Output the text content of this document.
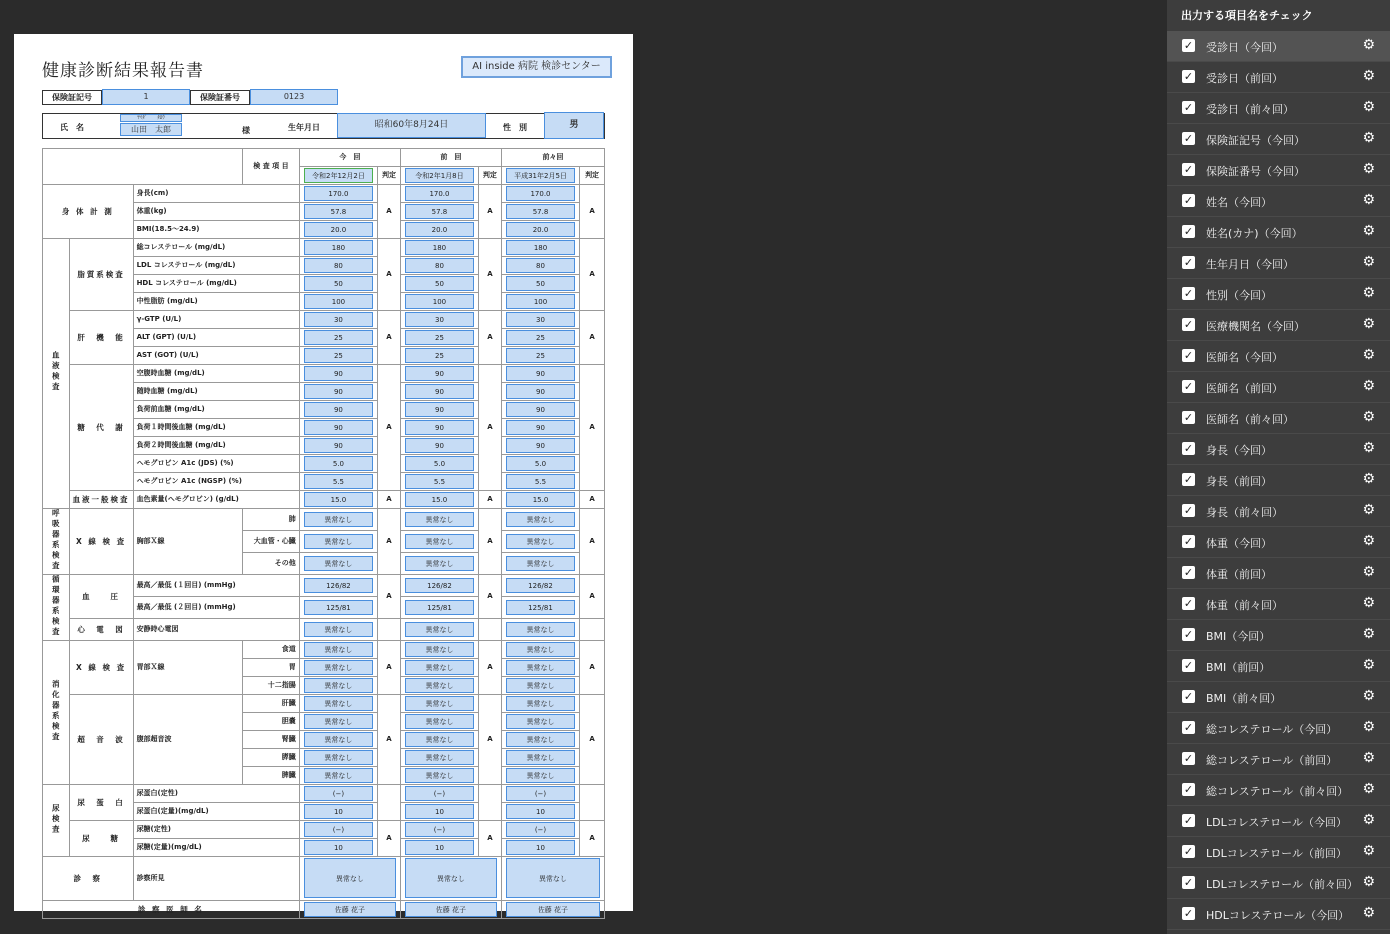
健康診断結果報告書	AI inside 病院 検診センター
保険証記号	1	保険証番号	0123
氏　名
ﾔﾏﾀﾞ　　ﾀﾛｳ
山田　太郎	様	生年月日	昭和60年8月24日	性　別	男
			検 査 項 目	今　回		前　回		前々回	

				令和2年12月2日	判定	令和2年1月8日	判定	平成31年2月5日	判定
身 体 計 測		身長(cm)		170.0	A	170.0	A	170.0	A
		体重(kg)		57.8		57.8		57.8	

		BMI(18.5〜24.9)		20.0		20.0		20.0	

血液検査	脂質系検査	総コレステロール (mg/dL)		180	A	180	A	180	A
		LDL コレステロール (mg/dL)		80		80		80	

		HDL コレステロール (mg/dL)		50		50		50	

		中性脂肪 (mg/dL)		100		100		100	

	肝　機　能	γ-GTP (U/L)		30	A	30	A	30	A
		ALT (GPT) (U/L)		25		25		25	

		AST (GOT) (U/L)		25		25		25	

	糖　代　謝	空腹時血糖 (mg/dL)		90	A	90	A	90	A
		随時血糖 (mg/dL)		90		90		90	

		負荷前血糖 (mg/dL)		90		90		90	

		負荷１時間後血糖 (mg/dL)		90		90		90	

		負荷２時間後血糖 (mg/dL)		90		90		90	

		ヘモグロビン A1c (JDS) (%)		5.0		5.0		5.0	

		ヘモグロビン A1c (NGSP) (%)		5.5		5.5		5.5	

	血液一般検査	血色素量(ヘモグロビン) (g/dL)		15.0	A	15.0	A	15.0	A
呼吸器系検査	X 線 検 査	胸部Ｘ線	肺	異常なし	A	異常なし	A	異常なし	A
			大血管・心臓	異常なし		異常なし		異常なし	

			その他	異常なし		異常なし		異常なし	

循環器系検査	血　　圧	最高／最低 (１回目) (mmHg)		126/82	A	126/82	A	126/82	A
		最高／最低 (２回目) (mmHg)		125/81		125/81		125/81	

	心　電　図	安静時心電図		異常なし		異常なし		異常なし	

消化器系検査	X 線 検 査	胃部Ｘ線	食道	異常なし	A	異常なし	A	異常なし	A
			胃	異常なし		異常なし		異常なし	

			十二指腸	異常なし		異常なし		異常なし	

	超　音　波	腹部超音波	肝臓	異常なし	A	異常なし	A	異常なし	A
			胆嚢	異常なし		異常なし		異常なし	

			腎臓	異常なし		異常なし		異常なし	

			膵臓	異常なし		異常なし		異常なし	

			脾臓	異常なし		異常なし		異常なし	

尿検査	尿　蛋　白	尿蛋白(定性)		(−)		(−)		(−)	

		尿蛋白(定量)(mg/dL)		10		10		10	

	尿　　糖	尿糖(定性)		(−)	A	(−)	A	(−)	A
		尿糖(定量)(mg/dL)		10		10		10	

診　察		診察所見		異常なし		異常なし		異常なし	

診 察 医 師 名				佐藤 花子		佐藤 花子		佐藤 花子	
出力する項目名をチェック
✓ 受診日（今回）	⚙
✓ 受診日（前回）	⚙
✓ 受診日（前々回）	⚙
✓ 保険証記号（今回）	⚙
✓ 保険証番号（今回）	⚙
✓ 姓名（今回）	⚙
✓ 姓名(カナ)（今回）	⚙
✓ 生年月日（今回）	⚙
✓ 性別（今回）	⚙
✓ 医療機関名（今回）	⚙
✓ 医師名（今回）	⚙
✓ 医師名（前回）	⚙
✓ 医師名（前々回）	⚙
✓ 身長（今回）	⚙
✓ 身長（前回）	⚙
✓ 身長（前々回）	⚙
✓ 体重（今回）	⚙
✓ 体重（前回）	⚙
✓ 体重（前々回）	⚙
✓ BMI（今回）	⚙
✓ BMI（前回）	⚙
✓ BMI（前々回）	⚙
✓ 総コレステロール（今回） ⚙
✓ 総コレステロール（前回） ⚙
✓ 総コレステロール（前々回） ⚙
✓ LDLコレステロール（今回） ⚙
✓ LDLコレステロール（前回） ⚙
✓ LDLコレステロール（前々回） ⚙
✓ HDLコレステロール（今回） ⚙
